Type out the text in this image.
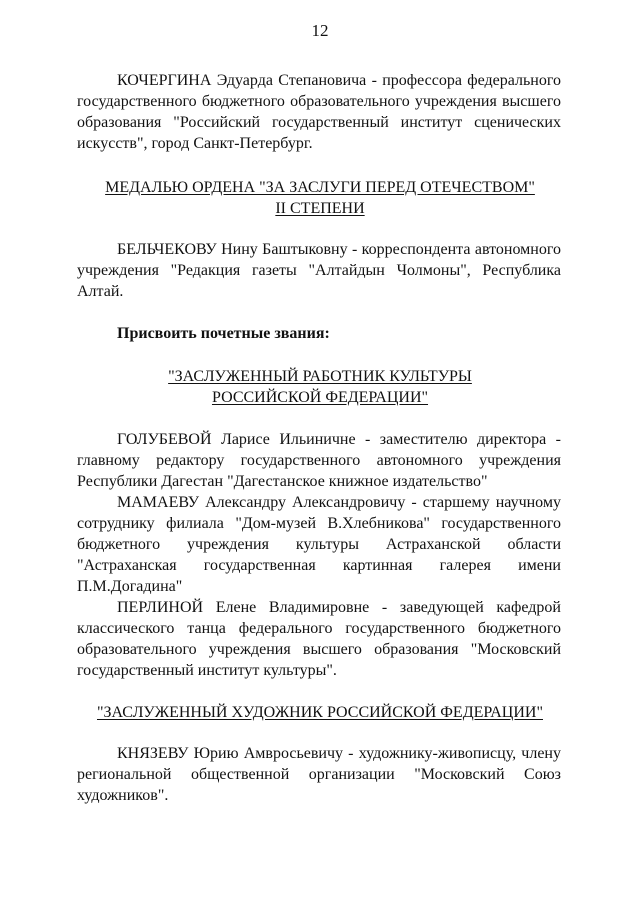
12
КОЧЕРГИНА Эдуарда Степановича - профессора федерального государственного бюджетного образовательного учреждения высшего образования "Российский государственный институт сценических искусств", город Санкт-Петербург.
МЕДАЛЬЮ ОРДЕНА "ЗА ЗАСЛУГИ ПЕРЕД ОТЕЧЕСТВОМ"
II СТЕПЕНИ
БЕЛЬЧЕКОВУ Нину Баштыковну - корреспондента автономного учреждения "Редакция газеты "Алтайдын Чолмоны", Республика Алтай.
Присвоить почетные звания:
"ЗАСЛУЖЕННЫЙ РАБОТНИК КУЛЬТУРЫ
РОССИЙСКОЙ ФЕДЕРАЦИИ"
ГОЛУБЕВОЙ Ларисе Ильиничне - заместителю директора - главному редактору государственного автономного учреждения Республики Дагестан "Дагестанское книжное издательство"
МАМАЕВУ Александру Александровичу - старшему научному сотруднику филиала "Дом-музей В.Хлебникова" государственного бюджетного учреждения культуры Астраханской области "Астраханская государственная картинная галерея имени П.М.Догадина"
ПЕРЛИНОЙ Елене Владимировне - заведующей кафедрой классического танца федерального государственного бюджетного образовательного учреждения высшего образования "Московский государственный институт культуры".
"ЗАСЛУЖЕННЫЙ ХУДОЖНИК РОССИЙСКОЙ ФЕДЕРАЦИИ"
КНЯЗЕВУ Юрию Амвросьевичу - художнику-живописцу, члену региональной общественной организации "Московский Союз художников".
